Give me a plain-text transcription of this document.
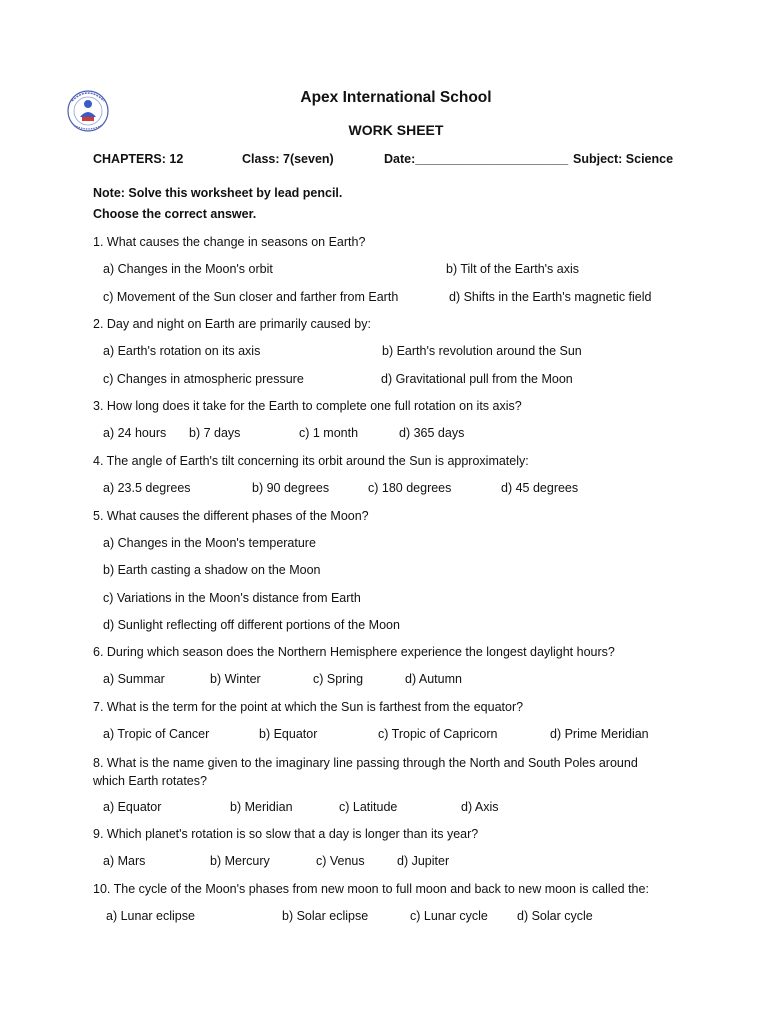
Apex International School
WORK SHEET
CHAPTERS: 12	Class: 7(seven)	Date:______________________ Subject: Science
Note: Solve this worksheet by lead pencil.
Choose the correct answer.
1. What causes the change in seasons on Earth?
a) Changes in the Moon's orbit	b) Tilt of the Earth's axis
c) Movement of the Sun closer and farther from Earth	d) Shifts in the Earth's magnetic field
2. Day and night on Earth are primarily caused by:
a) Earth's rotation on its axis	b) Earth's revolution around the Sun
c) Changes in atmospheric pressure	d) Gravitational pull from the Moon
3. How long does it take for the Earth to complete one full rotation on its axis?
a) 24 hours b) 7 days	c) 1 month	d) 365 days
4. The angle of Earth's tilt concerning its orbit around the Sun is approximately:
a) 23.5 degrees	b) 90 degrees	c) 180 degrees	d) 45 degrees
5. What causes the different phases of the Moon?
a) Changes in the Moon's temperature
b) Earth casting a shadow on the Moon
c) Variations in the Moon's distance from Earth
d) Sunlight reflecting off different portions of the Moon
6. During which season does the Northern Hemisphere experience the longest daylight hours?
a) Summar	b) Winter	c) Spring	d) Autumn
7. What is the term for the point at which the Sun is farthest from the equator?
a) Tropic of Cancer	b) Equator	c) Tropic of Capricorn	d) Prime Meridian
8. What is the name given to the imaginary line passing through the North and South Poles around which Earth rotates?
a) Equator	b) Meridian	c) Latitude	d) Axis
9. Which planet's rotation is so slow that a day is longer than its year?
a) Mars	b) Mercury	c) Venus	d) Jupiter
10. The cycle of the Moon's phases from new moon to full moon and back to new moon is called the:
a) Lunar eclipse	b) Solar eclipse	c) Lunar cycle d) Solar cycle
